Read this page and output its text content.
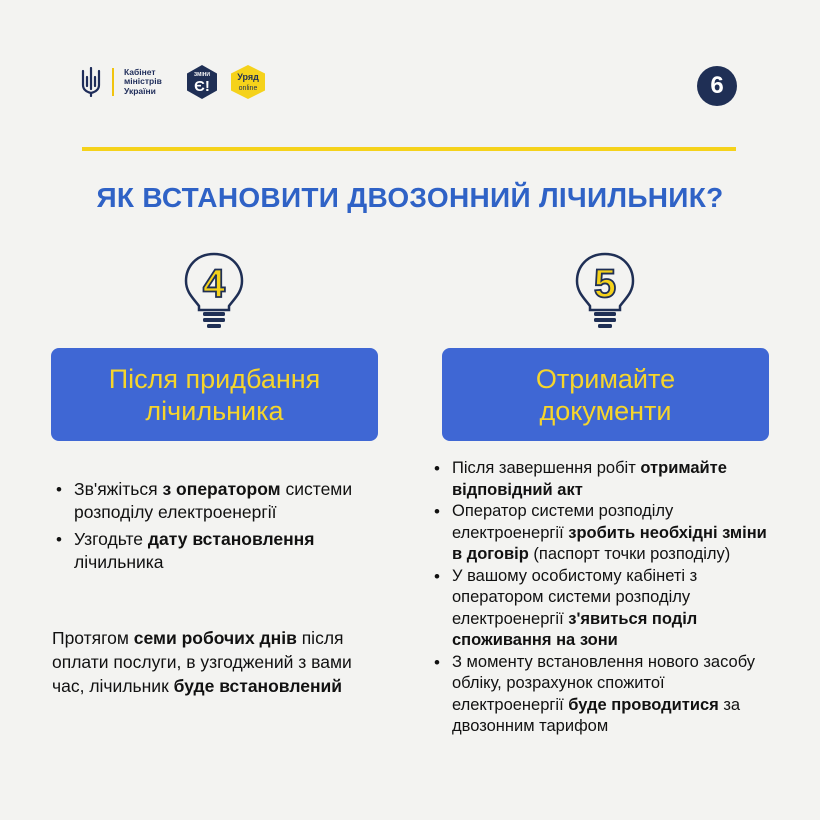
Кабінет
міністрів
України
ЗМІНИ
Є!
Уряд
online	6
ЯК ВСТАНОВИТИ ДВОЗОННИЙ ЛІЧИЛЬНИК?
4	5
Після придбання
лічильника
Отримайте
документи
• Зв'яжіться з оператором системи розподілу електроенергії
• Узгодьте дату встановлення лічильника
Протягом семи робочих днів після оплати послуги, в узгоджений з вами час, лічильник буде встановлений
• Після завершення робіт отримайте відповідний акт
• Оператор системи розподілу електроенергії зробить необхідні зміни в договір (паспорт точки розподілу)
• У вашому особистому кабінеті з оператором системи розподілу електроенергії з'явиться поділ споживання на зони
• З моменту встановлення нового засобу обліку, розрахунок спожитої електроенергії буде проводитися за двозонним тарифом
